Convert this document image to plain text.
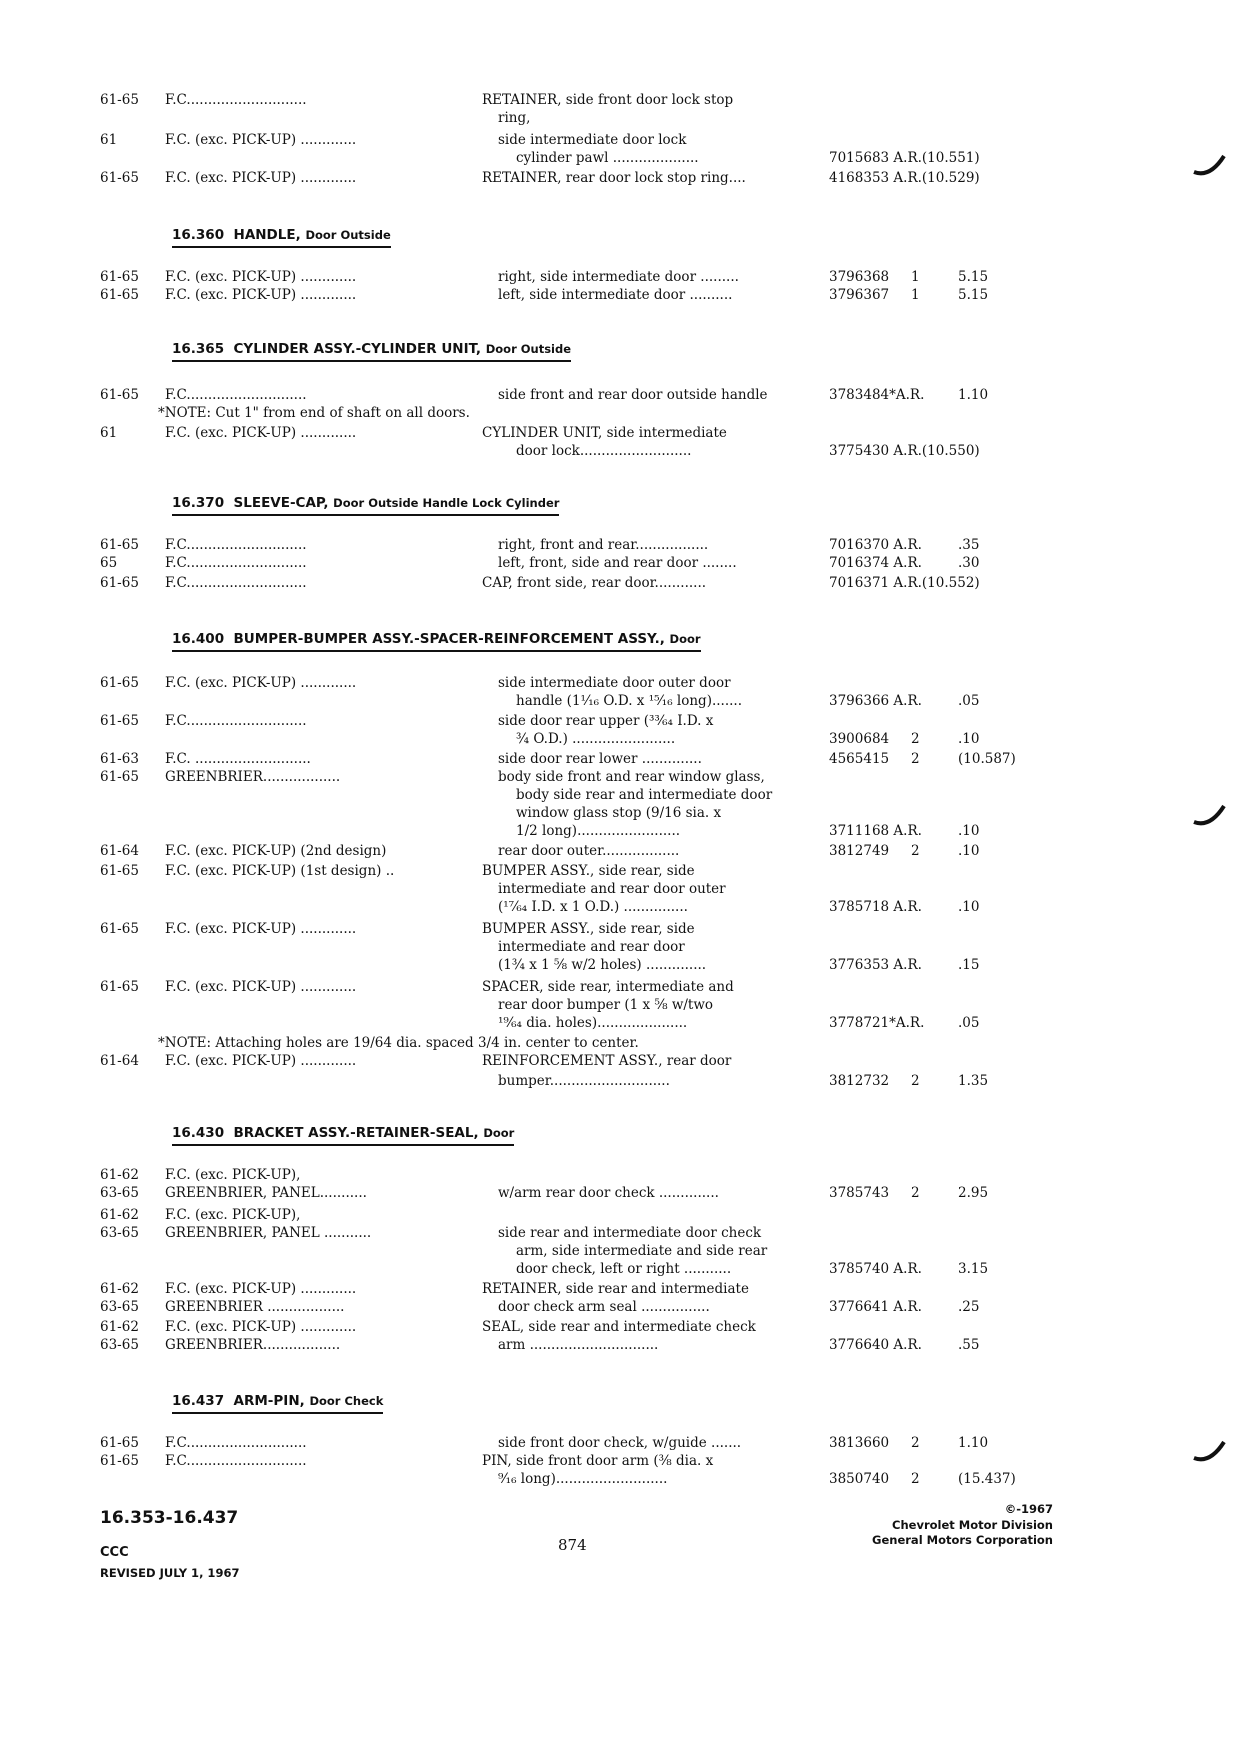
61-65 F.C............................	RETAINER, side front door lock stop
ring,
61	F.C. (exc. PICK-UP) .............	side intermediate door lock
cylinder pawl ....................	7015683 A.R.(10.551)
61-65 F.C. (exc. PICK-UP) .............	RETAINER, rear door lock stop ring....	4168353 A.R.(10.529)
61-65 F.C. (exc. PICK-UP) .............	right, side intermediate door .........	3796368 1	5.15
61-65 F.C. (exc. PICK-UP) .............	left, side intermediate door ..........	3796367 1	5.15
61-65 F.C............................	side front and rear door outside handle	3783484*A.R. 1.10
*NOTE: Cut 1" from end of shaft on all doors.
61	F.C. (exc. PICK-UP) .............	CYLINDER UNIT, side intermediate
door lock..........................	3775430 A.R.(10.550)
61-65 F.C............................	right, front and rear.................	7016370 A.R.	.35
65	F.C............................	left, front, side and rear door ........	7016374 A.R.	.30
61-65 F.C............................	CAP, front side, rear door............	7016371 A.R.(10.552)
61-65 F.C. (exc. PICK-UP) .............	side intermediate door outer door
handle (1¹⁄₁₆ O.D. x ¹⁵⁄₁₆ long).......	3796366 A.R.	.05
61-65 F.C............................	side door rear upper (³³⁄₆₄ I.D. x
¾ O.D.) ........................	3900684 2	.10
61-63 F.C. ...........................	side door rear lower ..............	4565415 2	(10.587)
61-65 GREENBRIER..................	body side front and rear window glass,
body side rear and intermediate door
window glass stop (9/16 sia. x
1/2 long)........................	3711168 A.R.	.10
61-64 F.C. (exc. PICK-UP) (2nd design)	rear door outer..................	3812749 2	.10
61-65 F.C. (exc. PICK-UP) (1st design) ..	BUMPER ASSY., side rear, side
intermediate and rear door outer
(¹⁷⁄₆₄ I.D. x 1 O.D.) ...............	3785718 A.R.	.10
61-65 F.C. (exc. PICK-UP) .............	BUMPER ASSY., side rear, side
intermediate and rear door
(1¾ x 1 ⅝ w/2 holes) ..............	3776353 A.R.	.15
61-65 F.C. (exc. PICK-UP) .............	SPACER, side rear, intermediate and
rear door bumper (1 x ⅝ w/two
¹⁹⁄₆₄ dia. holes).....................	3778721*A.R. .05
*NOTE: Attaching holes are 19/64 dia. spaced 3/4 in. center to center.
61-64 F.C. (exc. PICK-UP) .............	REINFORCEMENT ASSY., rear door
bumper............................	3812732 2	1.35
61-62 F.C. (exc. PICK-UP),
63-65 GREENBRIER, PANEL...........	w/arm rear door check ..............	3785743 2	2.95
61-62 F.C. (exc. PICK-UP),
63-65 GREENBRIER, PANEL ...........	side rear and intermediate door check
arm, side intermediate and side rear
door check, left or right ...........	3785740 A.R.	3.15
61-62 F.C. (exc. PICK-UP) .............	RETAINER, side rear and intermediate
63-65 GREENBRIER ..................	door check arm seal ................	3776641 A.R.	.25
61-62 F.C. (exc. PICK-UP) .............	SEAL, side rear and intermediate check
63-65 GREENBRIER..................	arm ..............................	3776640 A.R.	.55
61-65 F.C............................	side front door check, w/guide .......	3813660 2	1.10
61-65 F.C............................	PIN, side front door arm (⅜ dia. x
⁹⁄₁₆ long)..........................	3850740 2	(15.437)
16.360 HANDLE, Door Outside
16.365 CYLINDER ASSY.-CYLINDER UNIT, Door Outside
16.370 SLEEVE-CAP, Door Outside Handle Lock Cylinder
16.400 BUMPER-BUMPER ASSY.-SPACER-REINFORCEMENT ASSY., Door
16.430 BRACKET ASSY.-RETAINER-SEAL, Door
16.437 ARM-PIN, Door Check
16.353-16.437
CCC
REVISED JULY 1, 1967
874
©-1967
Chevrolet Motor Division
General Motors Corporation
